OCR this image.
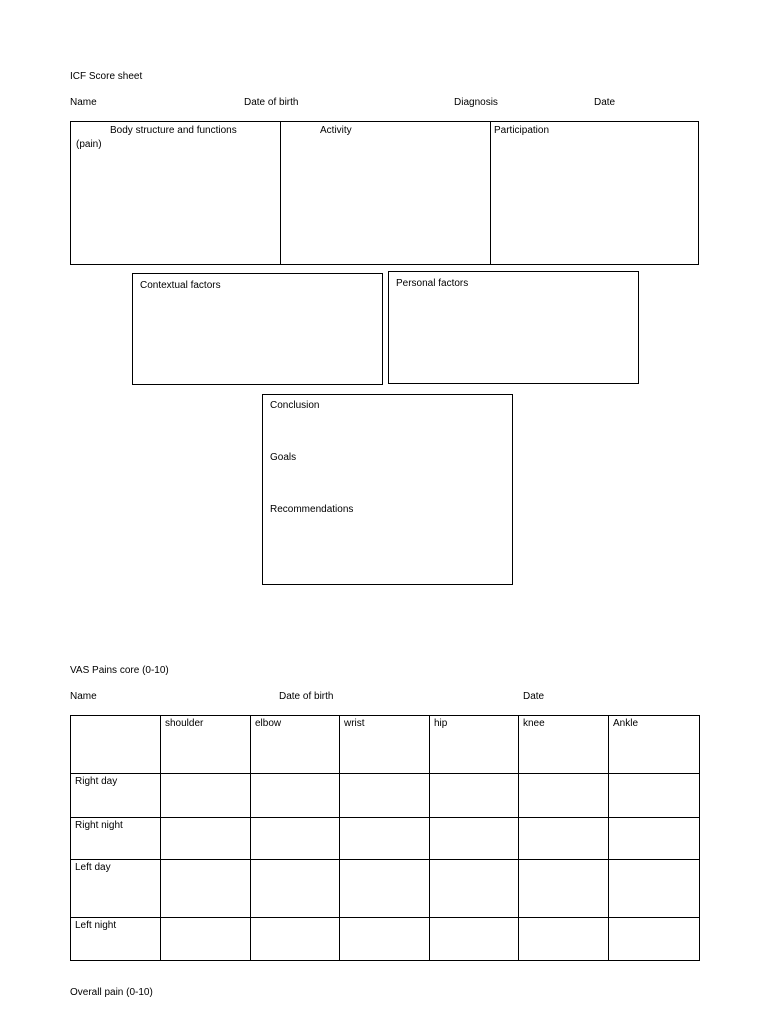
ICF Score sheet
Name	Date of birth	Diagnosis	Date
Body structure and functions
(pain)
Activity	Participation
Contextual factors	Personal factors
Conclusion
Goals
Recommendations
VAS Pains core (0-10)
Name	Date of birth	Date
	shoulder	elbow	wrist	hip	knee	Ankle
Right day						
Right night						
Left day						
Left night						
Overall pain (0-10)
